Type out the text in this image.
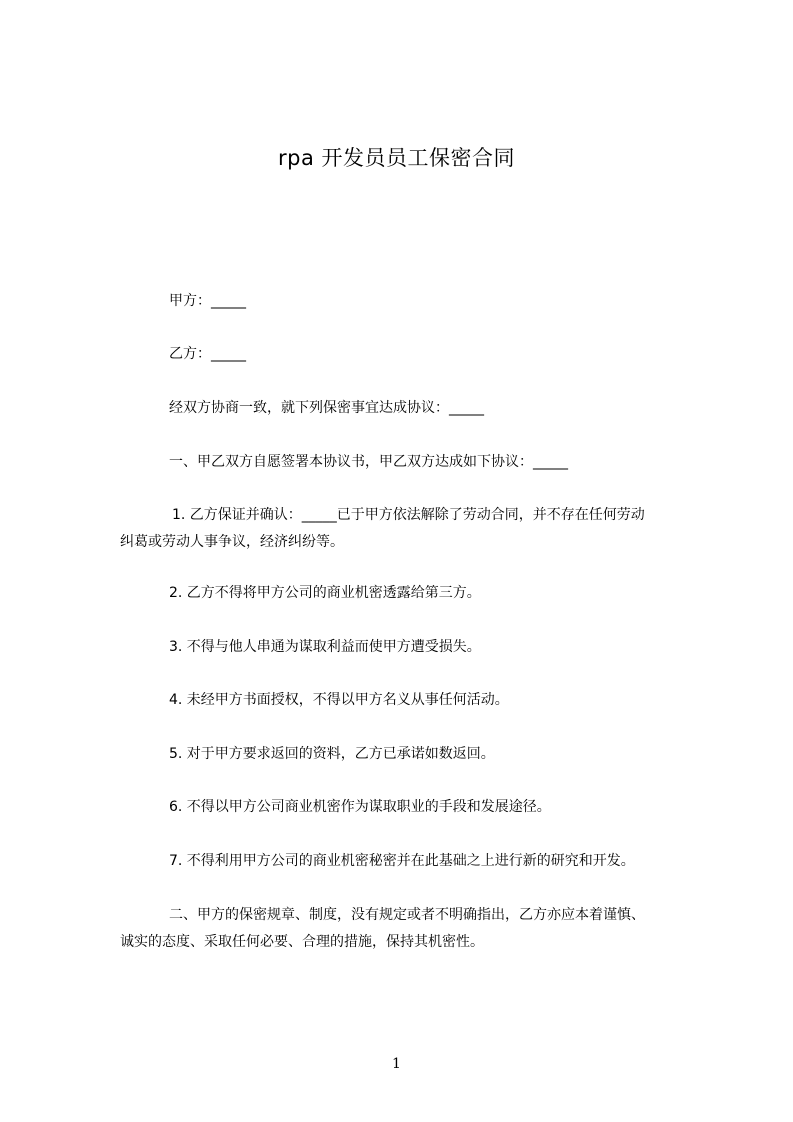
rpa 开发员员工保密合同
甲方：_____
乙方：_____
经双方协商一致，就下列保密事宜达成协议：_____
一、甲乙双方自愿签署本协议书，甲乙双方达成如下协议：_____
1. 乙方保证并确认：_____已于甲方依法解除了劳动合同，并不存在任何劳动
纠葛或劳动人事争议，经济纠纷等。
2. 乙方不得将甲方公司的商业机密透露给第三方。
3. 不得与他人串通为谋取利益而使甲方遭受损失。
4. 未经甲方书面授权，不得以甲方名义从事任何活动。
5. 对于甲方要求返回的资料，乙方已承诺如数返回。
6. 不得以甲方公司商业机密作为谋取职业的手段和发展途径。
7. 不得利用甲方公司的商业机密秘密并在此基础之上进行新的研究和开发。
二、甲方的保密规章、制度，没有规定或者不明确指出，乙方亦应本着谨慎、
诚实的态度、采取任何必要、合理的措施，保持其机密性。
1
